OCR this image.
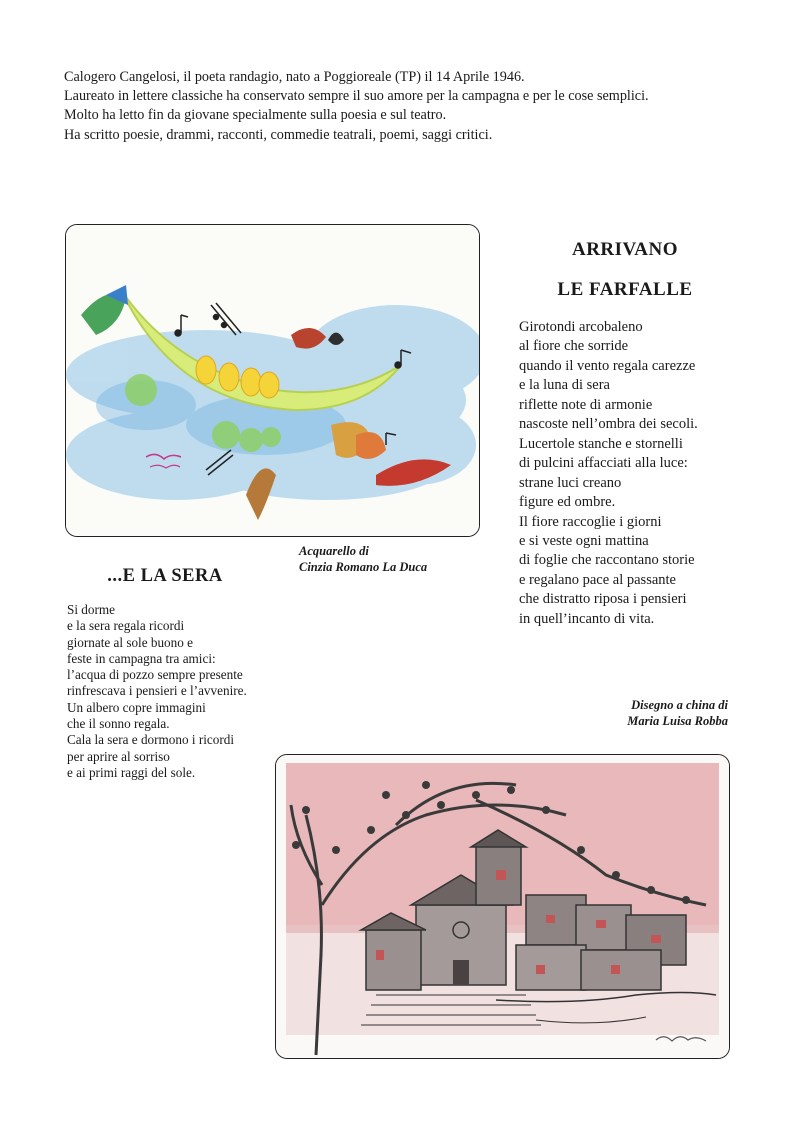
Calogero Cangelosi, il poeta randagio, nato a Poggioreale (TP) il 14 Aprile 1946.

Laureato in lettere classiche ha conservato sempre il suo amore per la campagna e per le cose semplici.

Molto ha letto fin da giovane specialmente sulla poesia e sul teatro.

Ha scritto poesie, drammi, racconti, commedie teatrali, poemi, saggi critici.

ARRIVANO
LE FARFALLE
Girotondi arcobaleno
al fiore che sorride
quando il vento regala carezze
e la luna di sera
riflette note di armonie
nascoste nell’ombra dei secoli.
Lucertole stanche e stornelli
di pulcini affacciati alla luce:
strane luci creano
figure ed ombre.
Il fiore raccoglie i giorni
e si veste ogni mattina
di foglie che raccontano storie
e regalano pace al passante
che distratto riposa i pensieri
in quell’incanto di vita.
Acquarello di
Cinzia Romano La Duca
...E LA SERA
Si dorme
e la sera regala ricordi
giornate al sole buono e
feste in campagna tra amici:
l’acqua di pozzo sempre presente
rinfrescava i pensieri e l’avvenire.
Un albero copre immagini
che il sonno regala.
Cala la sera e dormono i ricordi
per aprire al sorriso
e ai primi raggi del sole.
Disegno a china di
Maria Luisa Robba
